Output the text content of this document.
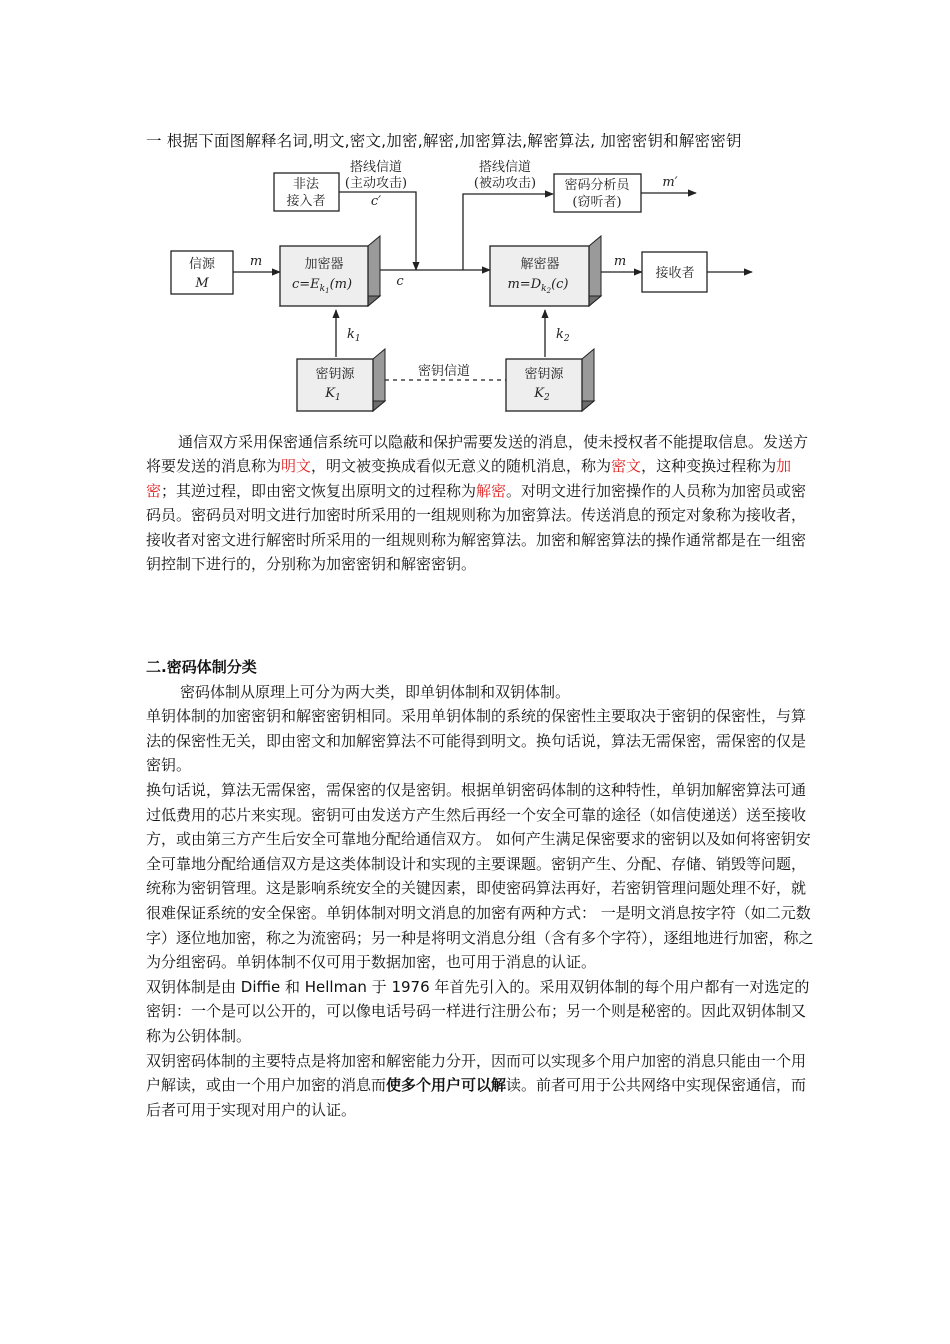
一 根据下面图解释名词,明文,密文,加密,解密,加密算法,解密算法, 加密密钥和解密密钥
非法
接入者
搭线信道
(主动攻击)
c′
密码分析员
(窃听者)
搭线信道
(被动攻击)	m′
信源
M
m	加密器
$c=E_k1(m)$	c
解密器
$m=D_k2(c)$
m
接收者
$k_1$	$k_2$
密钥源
$K_1$
密钥信道	密钥源
$K_2$
通信双方采用保密通信系统可以隐蔽和保护需要发送的消息，使未授权者不能提取信息。发送方将要发送的消息称为明文，明文被变换成看似无意义的随机消息，称为密文，这种变换过程称为加密；其逆过程，即由密文恢复出原明文的过程称为解密。对明文进行加密操作的人员称为加密员或密码员。密码员对明文进行加密时所采用的一组规则称为加密算法。传送消息的预定对象称为接收者，接收者对密文进行解密时所采用的一组规则称为解密算法。加密和解密算法的操作通常都是在一组密钥控制下进行的，分别称为加密密钥和解密密钥。
二.密码体制分类

密码体制从原理上可分为两大类，即单钥体制和双钥体制。

单钥体制的加密密钥和解密密钥相同。采用单钥体制的系统的保密性主要取决于密钥的保密性，与算法的保密性无关，即由密文和加解密算法不可能得到明文。换句话说，算法无需保密，需保密的仅是密钥。

换句话说，算法无需保密，需保密的仅是密钥。根据单钥密码体制的这种特性，单钥加解密算法可通过低费用的芯片来实现。密钥可由发送方产生然后再经一个安全可靠的途径（如信使递送）送至接收方，或由第三方产生后安全可靠地分配给通信双方。 如何产生满足保密要求的密钥以及如何将密钥安全可靠地分配给通信双方是这类体制设计和实现的主要课题。密钥产生、分配、存储、销毁等问题，统称为密钥管理。这是影响系统安全的关键因素，即使密码算法再好，若密钥管理问题处理不好，就很难保证系统的安全保密。单钥体制对明文消息的加密有两种方式： 一是明文消息按字符（如二元数字）逐位地加密，称之为流密码；另一种是将明文消息分组（含有多个字符），逐组地进行加密，称之为分组密码。单钥体制不仅可用于数据加密，也可用于消息的认证。

双钥体制是由 Diffie 和 Hellman 于 1976 年首先引入的。采用双钥体制的每个用户都有一对选定的密钥：一个是可以公开的，可以像电话号码一样进行注册公布；另一个则是秘密的。因此双钥体制又称为公钥体制。

双钥密码体制的主要特点是将加密和解密能力分开，因而可以实现多个用户加密的消息只能由一个用户解读，或由一个用户加密的消息而使多个用户可以解读。前者可用于公共网络中实现保密通信，而后者可用于实现对用户的认证。
